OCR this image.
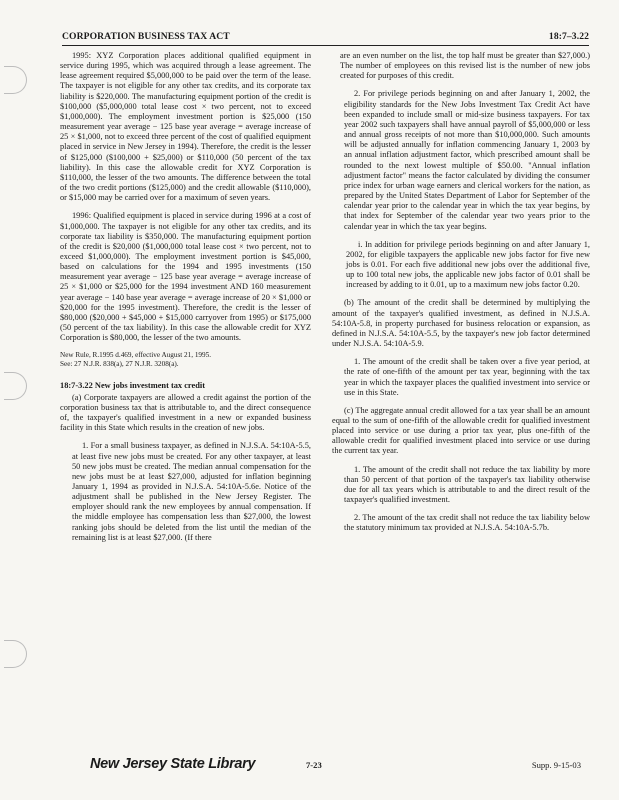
CORPORATION BUSINESS TAX ACT	18:7–3.22

1995: XYZ Corporation places additional qualified equipment in service during 1995, which was acquired through a lease agreement. The lease agreement required $5,000,000 to be paid over the term of the lease. The taxpayer is not eligible for any other tax credits, and its corporate tax liability is $220,000. The manufacturing equipment portion of the credit is $100,000 ($5,000,000 total lease cost × two percent, not to exceed $1,000,000). The employment investment portion is $25,000 (150 measurement year average − 125 base year average = average increase of 25 × $1,000, not to exceed three percent of the cost of qualified equipment placed in service in New Jersey in 1994). Therefore, the credit is the lesser of $125,000 ($100,000 + $25,000) or $110,000 (50 percent of the tax liability). In this case the allowable credit for XYZ Corporation is $110,000, the lesser of the two amounts. The difference between the total of the two credit portions ($125,000) and the credit allowable ($110,000), or $15,000 may be carried over for a maximum of seven years.

1996: Qualified equipment is placed in service during 1996 at a cost of $1,000,000. The taxpayer is not eligible for any other tax credits, and its corporate tax liability is $350,000. The manufacturing equipment portion of the credit is $20,000 ($1,000,000 total lease cost × two percent, not to exceed $1,000,000). The employment investment portion is $45,000, based on calculations for the 1994 and 1995 investments (150 measurement year average − 125 base year average = average increase of 25 × $1,000 or $25,000 for the 1994 investment AND 160 measurement year average − 140 base year average = average increase of 20 × $1,000 or $20,000 for the 1995 investment). Therefore, the credit is the lesser of $80,000 ($20,000 + $45,000 + $15,000 carryover from 1995) or $175,000 (50 percent of the tax liability). In this case the allowable credit for XYZ Corporation is $80,000, the lesser of the two amounts.

New Rule, R.1995 d.469, effective August 21, 1995.
See: 27 N.J.R. 838(a), 27 N.J.R. 3208(a).
18:7-3.22 New jobs investment tax credit

(a) Corporate taxpayers are allowed a credit against the portion of the corporation business tax that is attributable to, and the direct consequence of, the taxpayer's qualified investment in a new or expanded business facility in this State which results in the creation of new jobs.

1. For a small business taxpayer, as defined in N.J.S.A. 54:10A-5.5, at least five new jobs must be created. For any other taxpayer, at least 50 new jobs must be created. The median annual compensation for the new jobs must be at least $27,000, adjusted for inflation beginning January 1, 1994 as provided in N.J.S.A. 54:10A-5.6e. Notice of the adjustment shall be published in the New Jersey Register. The employer should rank the new employees by annual compensation. If the middle employee has compensation less than $27,000, the lowest ranking jobs should be deleted from the list until the median of the remaining list is at least $27,000. (If there

are an even number on the list, the top half must be greater than $27,000.) The number of employees on this revised list is the number of new jobs created for purposes of this credit.

2. For privilege periods beginning on and after January 1, 2002, the eligibility standards for the New Jobs Investment Tax Credit Act have been expanded to include small or mid-size business taxpayers. For tax year 2002 such taxpayers shall have annual payroll of $5,000,000 or less and annual gross receipts of not more than $10,000,000. Such amounts will be adjusted annually for inflation commencing January 1, 2003 by an annual inflation adjustment factor, which prescribed amount shall be rounded to the next lowest multiple of $50.00. "Annual inflation adjustment factor" means the factor calculated by dividing the consumer price index for urban wage earners and clerical workers for the nation, as prepared by the United States Department of Labor for September of the calendar year prior to the calendar year in which the tax year begins, by that index for September of the calendar year two years prior to the calendar year in which the tax year begins.

i. In addition for privilege periods beginning on and after January 1, 2002, for eligible taxpayers the applicable new jobs factor for five new jobs is 0.01. For each five additional new jobs over the additional five, up to 100 total new jobs, the applicable new jobs factor of 0.01 shall be increased by adding to it 0.01, up to a maximum new jobs factor 0.20.

(b) The amount of the credit shall be determined by multiplying the amount of the taxpayer's qualified investment, as defined in N.J.S.A. 54:10A-5.8, in property purchased for business relocation or expansion, as defined in N.J.S.A. 54:10A-5.5, by the taxpayer's new job factor determined under N.J.S.A. 54:10A-5.9.

1. The amount of the credit shall be taken over a five year period, at the rate of one-fifth of the amount per tax year, beginning with the tax year in which the taxpayer places the qualified investment into service or use in this State.

(c) The aggregate annual credit allowed for a tax year shall be an amount equal to the sum of one-fifth of the allowable credit for qualified investment placed into service or use during a prior tax year, plus one-fifth of the allowable credit for qualified investment placed into service or use during the current tax year.

1. The amount of the credit shall not reduce the tax liability by more than 50 percent of that portion of the taxpayer's tax liability otherwise due for all tax years which is attributable to and the direct result of the taxpayer's qualified investment.

2. The amount of the tax credit shall not reduce the tax liability below the statutory minimum tax provided at N.J.S.A. 54:10A-5.7b.

New Jersey State Library	7-23	Supp. 9-15-03
